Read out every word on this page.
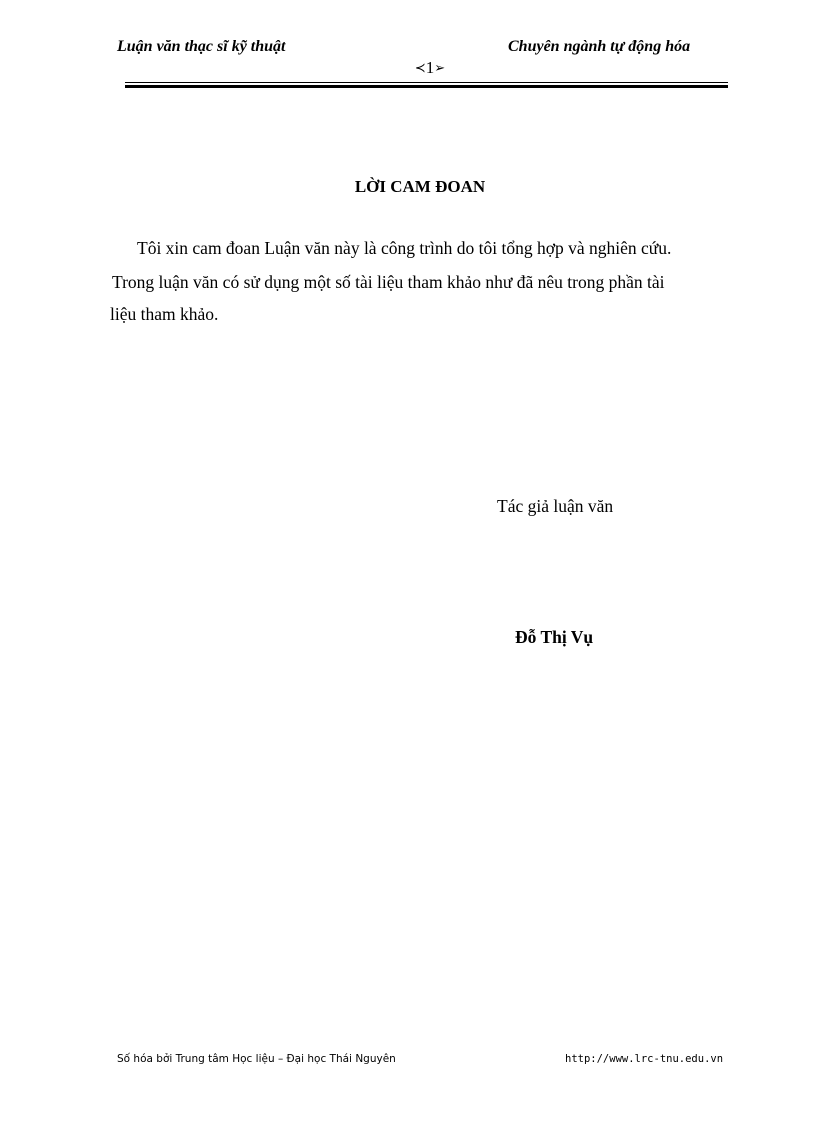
Luận văn thạc sĩ kỹ thuật	Chuyên ngành tự động hóa
≺1➢
LỜI CAM ĐOAN
Tôi xin cam đoan Luận văn này là công trình do tôi tổng hợp và nghiên cứu.
Trong luận văn có sử dụng một số tài liệu tham khảo như đã nêu trong phần tài
liệu tham khảo.
Tác giả luận văn
Đỗ Thị Vụ
Số hóa bởi Trung tâm Học liệu – Đại học Thái Nguyên	http://www.lrc-tnu.edu.vn
